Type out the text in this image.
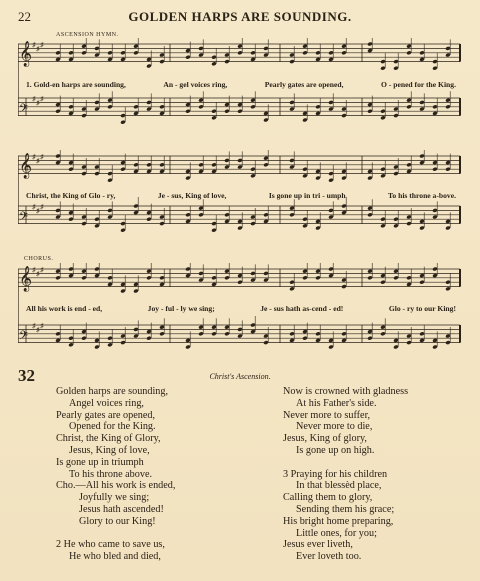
22	GOLDEN HARPS ARE SOUNDING.
𝄞 ♯ ♯ ♯
𝄢
♯ ♯ ♯
ASCENSION HYMN.
1. Gold-en harps are sounding,	An - gel voices ring,	Pearly gates are opened,	O - pened for the King.
𝄞 ♯ ♯ ♯
𝄢
♯ ♯ ♯
Christ, the King of Glo - ry,	Je - sus, King of love,	Is gone up in tri - umph	To his throne a-bove.
𝄞 ♯ ♯ ♯
𝄢
♯ ♯ ♯
CHORUS.
All his work is end - ed,	Joy - ful - ly we sing;	Je - sus hath as-cend - ed!	Glo - ry to our King!
32	Christ's Ascension.
Golden harps are sounding,
Angel voices ring,
Pearly gates are opened,
Opened for the King.
Christ, the King of Glory,
Jesus, King of love,
Is gone up in triumph
To his throne above.
Cho.—All his work is ended,
Joyfully we sing;
Jesus hath ascended!
Glory to our King!

2 He who came to save us,
He who bled and died,
Now is crowned with gladness
At his Father's side.
Never more to suffer,
Never more to die,
Jesus, King of glory,
Is gone up on high.

3 Praying for his children
In that blessèd place,
Calling them to glory,
Sending them his grace;
His bright home preparing,
Little ones, for you;
Jesus ever liveth,
Ever loveth too.
